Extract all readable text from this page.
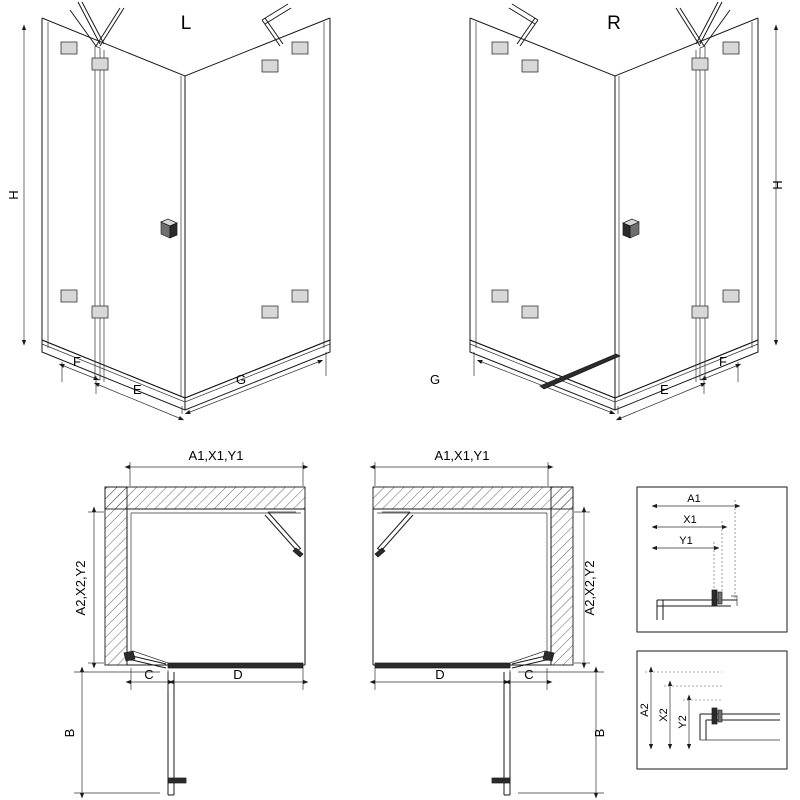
L
H
F
E
G
R
H
F
E
G
A1,X1,Y1
A2,X2,Y2
C	D
B
A1,X1,Y1
A2,X2,Y2
D	C
B
A1
X1
Y1
A2 X2
Y2
